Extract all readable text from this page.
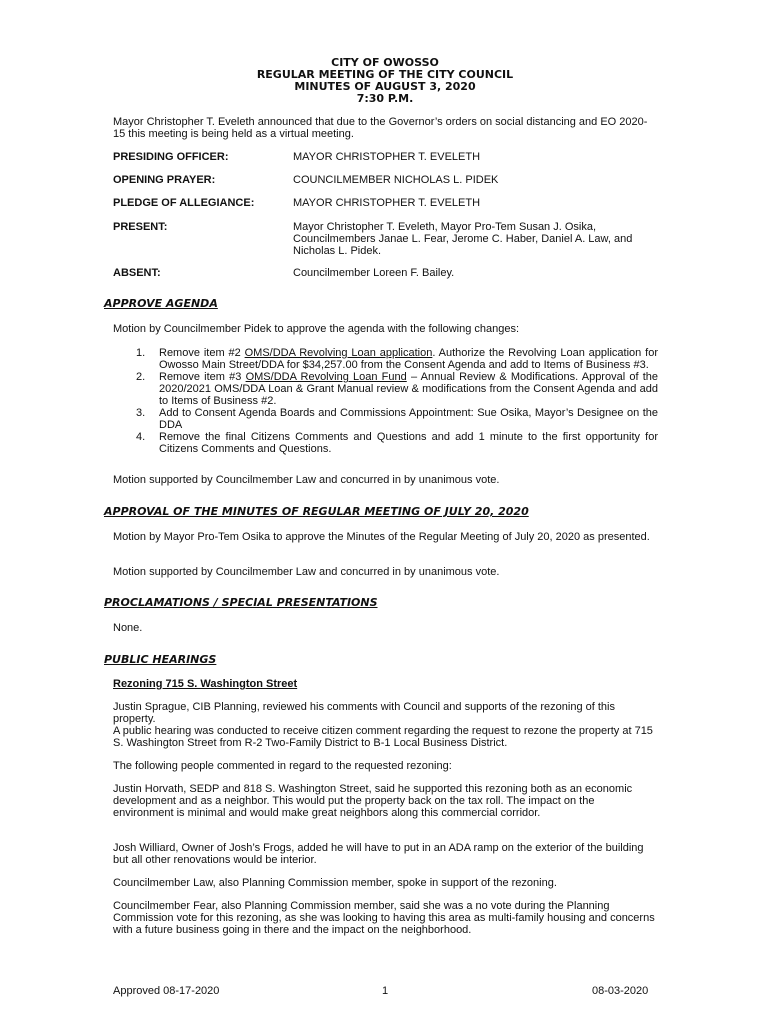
CITY OF OWOSSO
REGULAR MEETING OF THE CITY COUNCIL
MINUTES OF AUGUST 3, 2020
7:30 P.M.
Mayor Christopher T. Eveleth announced that due to the Governor’s orders on social distancing and EO 2020-15 this meeting is being held as a virtual meeting.
PRESIDING OFFICER:	MAYOR CHRISTOPHER T. EVELETH
OPENING PRAYER:	COUNCILMEMBER NICHOLAS L. PIDEK
PLEDGE OF ALLEGIANCE:	MAYOR CHRISTOPHER T. EVELETH
PRESENT:	Mayor Christopher T. Eveleth, Mayor Pro-Tem Susan J. Osika, Councilmembers Janae L. Fear, Jerome C. Haber, Daniel A. Law, and Nicholas L. Pidek.
ABSENT:	Councilmember Loreen F. Bailey.
APPROVE AGENDA
Motion by Councilmember Pidek to approve the agenda with the following changes:
1. Remove item #2 OMS/DDA Revolving Loan application. Authorize the Revolving Loan application for Owosso Main Street/DDA for $34,257.00 from the Consent Agenda and add to Items of Business #3.
2. Remove item #3 OMS/DDA Revolving Loan Fund – Annual Review & Modifications. Approval of the 2020/2021 OMS/DDA Loan & Grant Manual review & modifications from the Consent Agenda and add to Items of Business #2.
3. Add to Consent Agenda Boards and Commissions Appointment: Sue Osika, Mayor’s Designee on the DDA
4. Remove the final Citizens Comments and Questions and add 1 minute to the first opportunity for Citizens Comments and Questions.
Motion supported by Councilmember Law and concurred in by unanimous vote.
APPROVAL OF THE MINUTES OF REGULAR MEETING OF JULY 20, 2020
Motion by Mayor Pro-Tem Osika to approve the Minutes of the Regular Meeting of July 20, 2020 as presented.
Motion supported by Councilmember Law and concurred in by unanimous vote.
PROCLAMATIONS / SPECIAL PRESENTATIONS
None.
PUBLIC HEARINGS
Rezoning 715 S. Washington Street
Justin Sprague, CIB Planning, reviewed his comments with Council and supports of the rezoning of this property.
A public hearing was conducted to receive citizen comment regarding the request to rezone the property at 715 S. Washington Street from R-2 Two-Family District to B-1 Local Business District.
The following people commented in regard to the requested rezoning:
Justin Horvath, SEDP and 818 S. Washington Street, said he supported this rezoning both as an economic development and as a neighbor. This would put the property back on the tax roll. The impact on the environment is minimal and would make great neighbors along this commercial corridor.
Josh Williard, Owner of Josh’s Frogs, added he will have to put in an ADA ramp on the exterior of the building but all other renovations would be interior.
Councilmember Law, also Planning Commission member, spoke in support of the rezoning.
Councilmember Fear, also Planning Commission member, said she was a no vote during the Planning Commission vote for this rezoning, as she was looking to having this area as multi-family housing and concerns with a future business going in there and the impact on the neighborhood.
Approved 08-17-2020	1	08-03-2020
